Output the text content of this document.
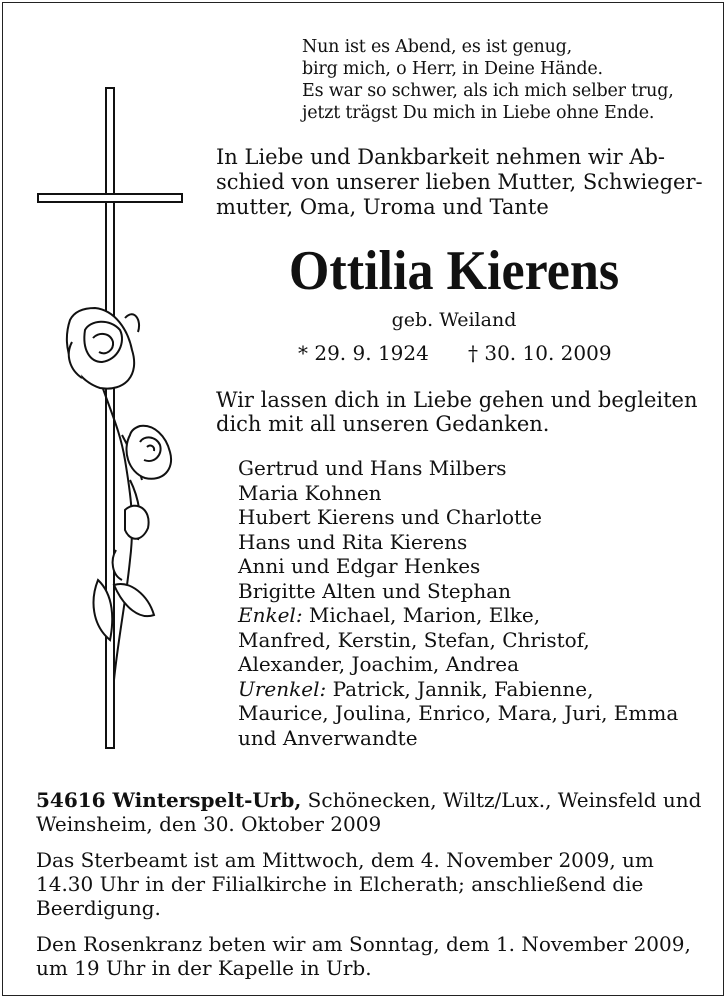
Nun ist es Abend, es ist genug,
birg mich, o Herr, in Deine Hände.
Es war so schwer, als ich mich selber trug,
jetzt trägst Du mich in Liebe ohne Ende.
In Liebe und Dankbarkeit nehmen wir Ab-
schied von unserer lieben Mutter, Schwieger-
mutter, Oma, Uroma und Tante
Ottilia Kierens
geb. Weiland
* 29. 9. 1924 † 30. 10. 2009
Wir lassen dich in Liebe gehen und begleiten
dich mit all unseren Gedanken.
Gertrud und Hans Milbers
Maria Kohnen
Hubert Kierens und Charlotte
Hans und Rita Kierens
Anni und Edgar Henkes
Brigitte Alten und Stephan
Enkel: Michael, Marion, Elke,
Manfred, Kerstin, Stefan, Christof,
Alexander, Joachim, Andrea
Urenkel: Patrick, Jannik, Fabienne,
Maurice, Joulina, Enrico, Mara, Juri, Emma
und Anverwandte
54616 Winterspelt-Urb, Schönecken, Wiltz/Lux., Weinsfeld und
Weinsheim, den 30. Oktober 2009
Das Sterbeamt ist am Mittwoch, dem 4. November 2009, um
14.30 Uhr in der Filialkirche in Elcherath; anschließend die
Beerdigung.
Den Rosenkranz beten wir am Sonntag, dem 1. November 2009,
um 19 Uhr in der Kapelle in Urb.
